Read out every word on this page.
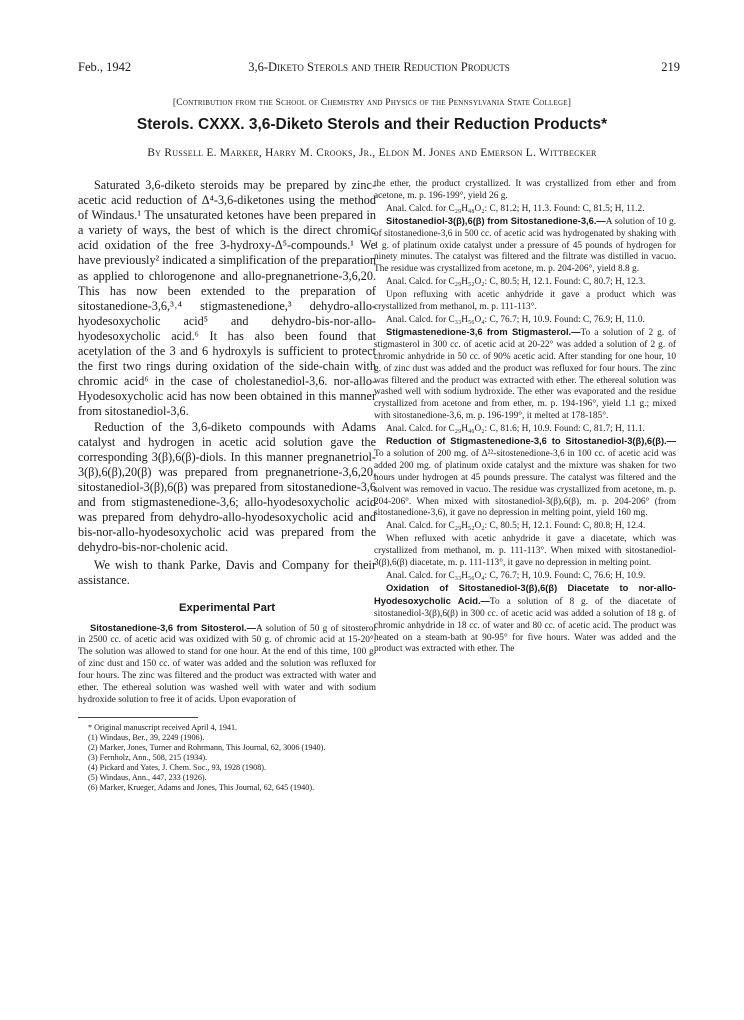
Feb., 1942	3,6-Diketo Sterols and their Reduction Products	219
[Contribution from the School of Chemistry and Physics of the Pennsylvania State College]
Sterols. CXXX. 3,6-Diketo Sterols and their Reduction Products*
By Russell E. Marker, Harry M. Crooks, Jr., Eldon M. Jones and Emerson L. Wittbecker

Saturated 3,6-diketo steroids may be prepared by zinc-acetic acid reduction of Δ⁴-3,6-diketones using the method of Windaus.¹ The unsaturated ketones have been prepared in a variety of ways, the best of which is the direct chromic acid oxidation of the free 3-hydroxy-Δ⁵-compounds.¹ We have previously² indicated a simplification of the preparation as applied to chlorogenone and allo-pregnanetrione-3,6,20. This has now been extended to the preparation of sitostanedione-3,6,³˒⁴ stigmastenedione,³ dehydro-allo-hyodesoxycholic acid⁵ and dehydro-bis-nor-allo-hyodesoxycholic acid.⁶ It has also been found that acetylation of the 3 and 6 hydroxyls is sufficient to protect the first two rings during oxidation of the side-chain with chromic acid⁶ in the case of cholestanediol-3,6. nor-allo-Hyodesoxycholic acid has now been obtained in this manner from sitostanediol-3,6.

Reduction of the 3,6-diketo compounds with Adams catalyst and hydrogen in acetic acid solution gave the corresponding 3(β),6(β)-diols. In this manner pregnanetriol-3(β),6(β),20(β) was prepared from pregnanetrione-3,6,20, sitostanediol-3(β),6(β) was prepared from sitostanedione-3,6 and from stigmastenedione-3,6; allo-hyodesoxycholic acid was prepared from dehydro-allo-hyodesoxycholic acid and bis-nor-allo-hyodesoxycholic acid was prepared from the dehydro-bis-nor-cholenic acid.

We wish to thank Parke, Davis and Company for their assistance.

Experimental Part

Sitostanedione-3,6 from Sitosterol.—A solution of 50 g of sitosterol in 2500 cc. of acetic acid was oxidized with 50 g. of chromic acid at 15-20°. The solution was allowed to stand for one hour. At the end of this time, 100 g. of zinc dust and 150 cc. of water was added and the solution was refluxed for four hours. The zinc was filtered and the product was extracted with water and ether. The ethereal solution was washed well with water and with sodium hydroxide solution to free it of acids. Upon evaporation of

* Original manuscript received April 4, 1941.

(1) Windaus, Ber., 39, 2249 (1906).

(2) Marker, Jones, Turner and Rohrmann, This Journal, 62, 3006 (1940).

(3) Fernholz, Ann., 508, 215 (1934).

(4) Pickard and Yates, J. Chem. Soc., 93, 1928 (1908).

(5) Windaus, Ann., 447, 233 (1926).

(6) Marker, Krueger, Adams and Jones, This Journal, 62, 645 (1940).

the ether, the product crystallized. It was crystallized from ether and from acetone, m. p. 196-199°, yield 26 g.

Anal. Calcd. for C₂₉H₄₈O₂: C, 81.2; H, 11.3. Found: C, 81.5; H, 11.2.

Sitostanediol-3(β),6(β) from Sitostanedione-3,6.—A solution of 10 g. of sitostanedione-3,6 in 500 cc. of acetic acid was hydrogenated by shaking with 1 g. of platinum oxide catalyst under a pressure of 45 pounds of hydrogen for ninety minutes. The catalyst was filtered and the filtrate was distilled in vacuo. The residue was crystallized from acetone, m. p. 204-206°, yield 8.8 g.

Anal. Calcd. for C₂₉H₅₂O₂: C, 80.5; H, 12.1. Found: C, 80.7; H, 12.3.

Upon refluxing with acetic anhydride it gave a product which was crystallized from methanol, m. p. 111-113°.

Anal. Calcd. for C₃₃H₅₆O₄: C, 76.7; H, 10.9. Found: C, 76.9; H, 11.0.

Stigmastenedione-3,6 from Stigmasterol.—To a solution of 2 g. of stigmasterol in 300 cc. of acetic acid at 20-22° was added a solution of 2 g. of chromic anhydride in 50 cc. of 90% acetic acid. After standing for one hour, 10 g. of zinc dust was added and the product was refluxed for four hours. The zinc was filtered and the product was extracted with ether. The ethereal solution was washed well with sodium hydroxide. The ether was evaporated and the residue crystallized from acetone and from ether, m. p. 194-196°, yield 1.1 g.; mixed with sitostanedione-3,6, m. p. 196-199°, it melted at 178-185°.

Anal. Calcd. for C₂₉H₄₆O₂: C, 81.6; H, 10.9. Found: C, 81.7; H, 11.1.

Reduction of Stigmastenedione-3,6 to Sitostanediol-3(β),6(β).—To a solution of 200 mg. of Δ²²-sitostenedione-3,6 in 100 cc. of acetic acid was added 200 mg. of platinum oxide catalyst and the mixture was shaken for two hours under hydrogen at 45 pounds pressure. The catalyst was filtered and the solvent was removed in vacuo. The residue was crystallized from acetone, m. p. 204-206°. When mixed with sitostanediol-3(β),6(β), m. p. 204-206° (from sitostanedione-3,6), it gave no depression in melting point, yield 160 mg.

Anal. Calcd. for C₂₉H₅₂O₂: C, 80.5; H, 12.1. Found: C, 80.8; H, 12.4.

When refluxed with acetic anhydride it gave a diacetate, which was crystallized from methanol, m. p. 111-113°. When mixed with sitostanediol-3(β),6(β) diacetate, m. p. 111-113°, it gave no depression in melting point.

Anal. Calcd. for C₃₃H₅₆O₄: C, 76.7; H, 10.9. Found: C, 76.6; H, 10.9.

Oxidation of Sitostanediol-3(β),6(β) Diacetate to nor-allo-Hyodesoxycholic Acid.—To a solution of 8 g. of the diacetate of sitostanediol-3(β),6(β) in 300 cc. of acetic acid was added a solution of 18 g. of chromic anhydride in 18 cc. of water and 80 cc. of acetic acid. The product was heated on a steam-bath at 90-95° for five hours. Water was added and the product was extracted with ether. The
